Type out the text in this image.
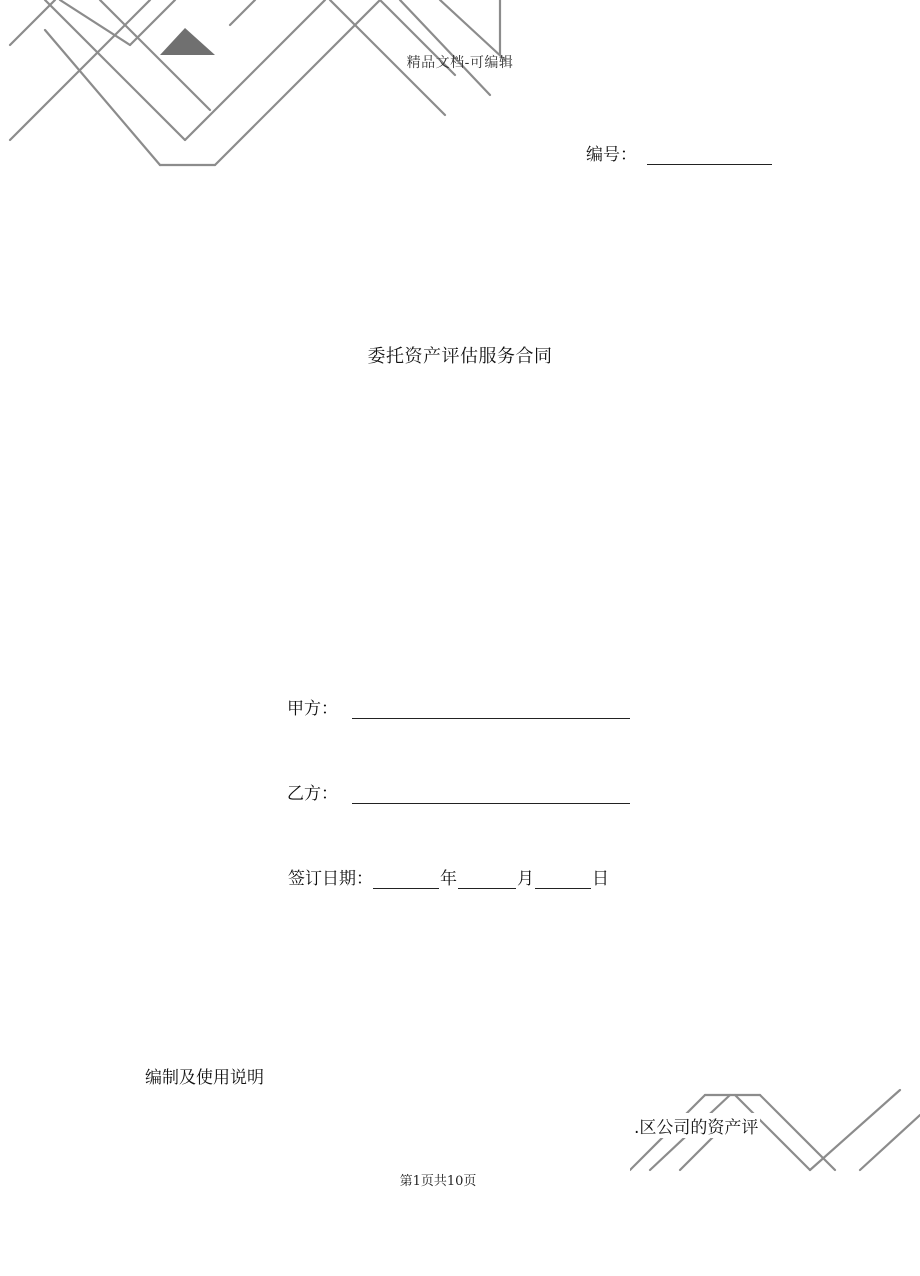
精品文档-可编辑
编号：
委托资产评估服务合同
甲方：
乙方：
签订日期：	年	月	日
编制及使用说明
.区公司的资产评
第1页共10页
